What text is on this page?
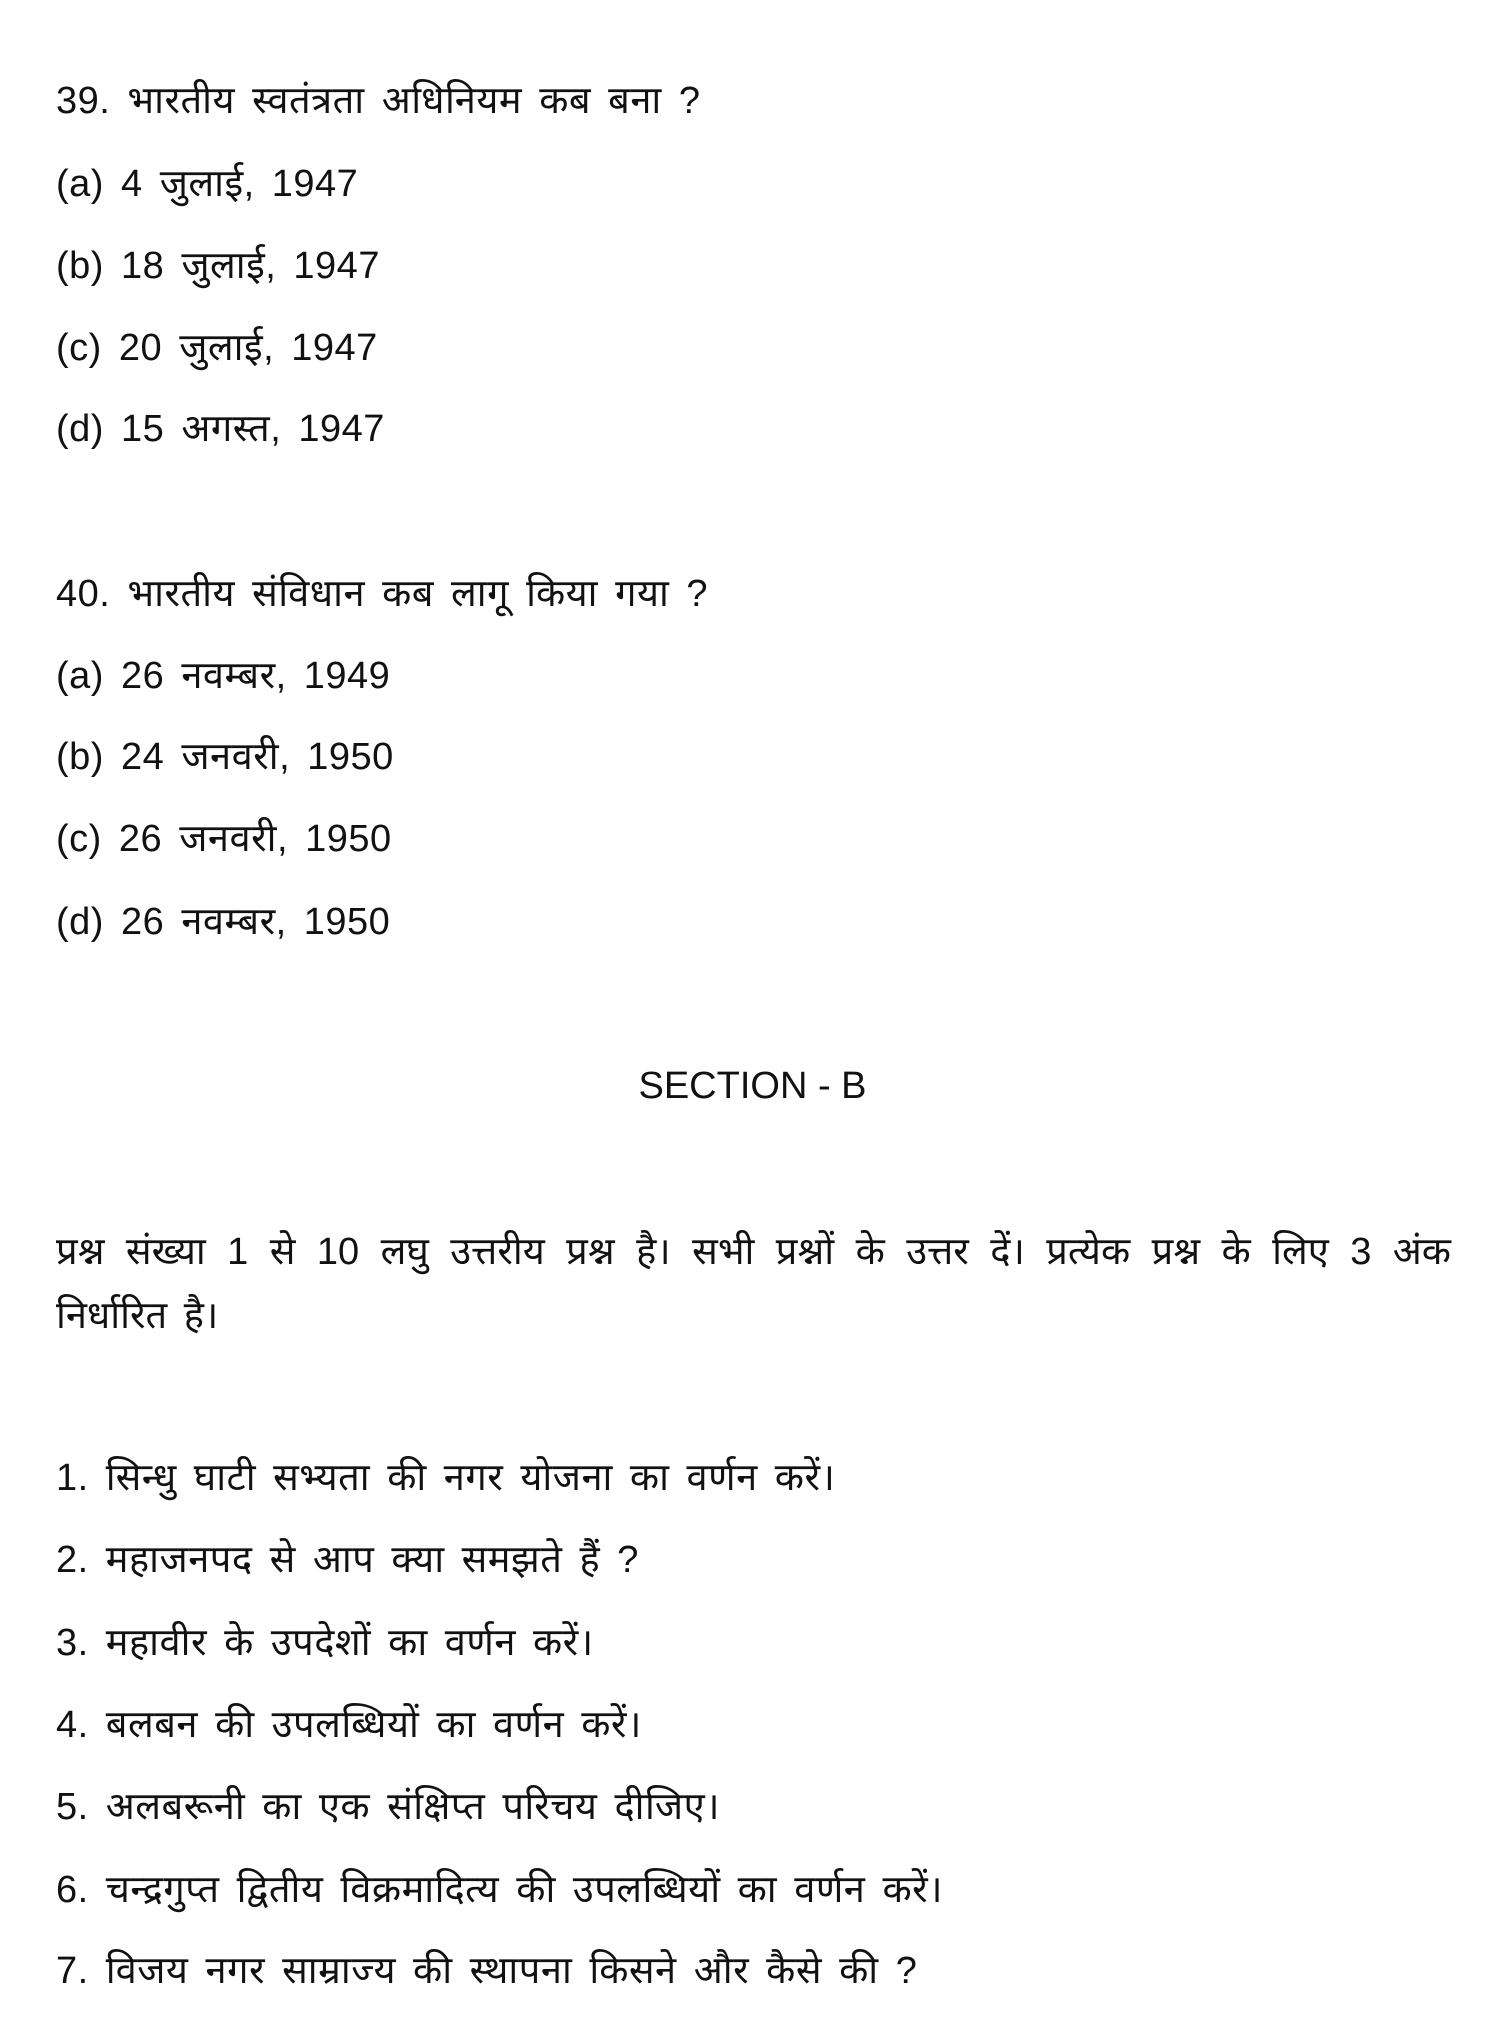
39. भारतीय स्वतंत्रता अधिनियम कब बना ?
(a) 4 जुलाई, 1947
(b) 18 जुलाई, 1947
(c) 20 जुलाई, 1947
(d) 15 अगस्त, 1947
40. भारतीय संविधान कब लागू किया गया ?
(a) 26 नवम्बर, 1949
(b) 24 जनवरी, 1950
(c) 26 जनवरी, 1950
(d) 26 नवम्बर, 1950
SECTION - B
प्रश्न संख्या 1 से 10 लघु उत्तरीय प्रश्न है। सभी प्रश्नों के उत्तर दें। प्रत्येक प्रश्न के लिए 3 अंक निर्धारित है।
1. सिन्धु घाटी सभ्यता की नगर योजना का वर्णन करें।
2. महाजनपद से आप क्या समझते हैं ?
3. महावीर के उपदेशों का वर्णन करें।
4. बलबन की उपलब्धियों का वर्णन करें।
5. अलबरूनी का एक संक्षिप्त परिचय दीजिए।
6. चन्द्रगुप्त द्वितीय विक्रमादित्य की उपलब्धियों का वर्णन करें।
7. विजय नगर साम्राज्य की स्थापना किसने और कैसे की ?
